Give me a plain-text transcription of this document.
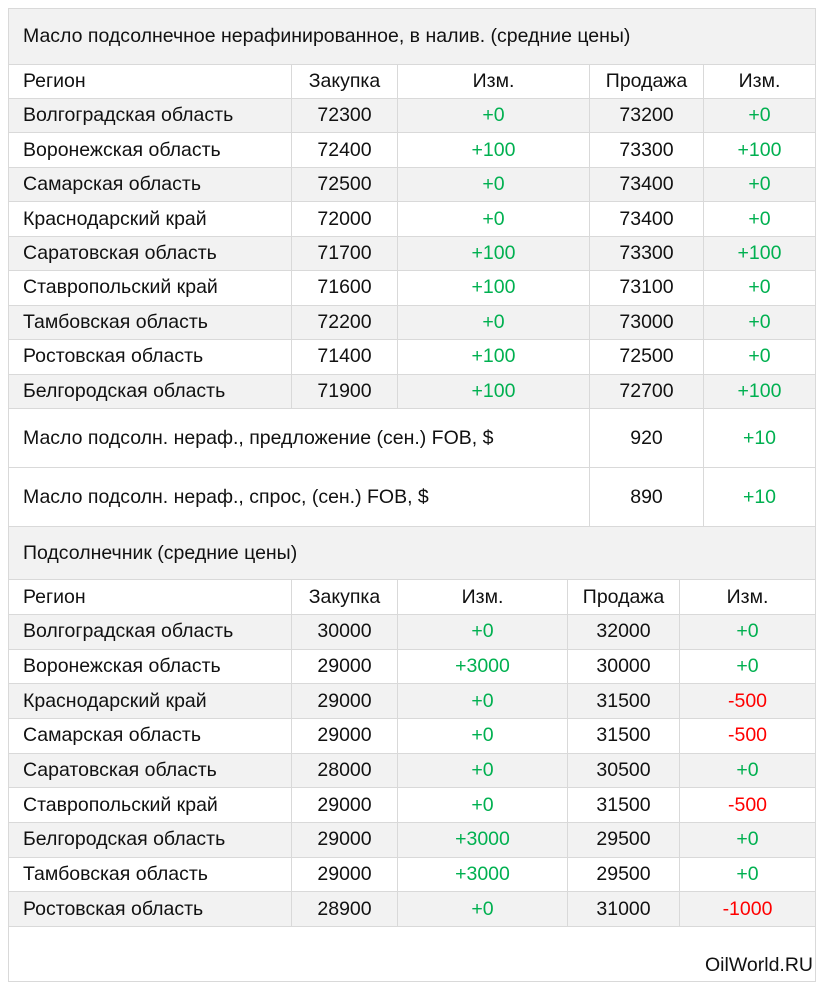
Масло подсолнечное нерафинированное, в налив. (средние цены)
Регион	Закупка	Изм.	Продажа	Изм.
Волгоградская область	72300	+0	73200	+0
Воронежская область	72400	+100	73300	+100
Самарская область	72500	+0	73400	+0
Краснодарский край	72000	+0	73400	+0
Саратовская область	71700	+100	73300	+100
Ставропольский край	71600	+100	73100	+0
Тамбовская область	72200	+0	73000	+0
Ростовская область	71400	+100	72500	+0
Белгородская область	71900	+100	72700	+100
Масло подсолн. нераф., предложение (сен.) FOB, $	920	+10
Масло подсолн. нераф., спрос, (сен.) FOB, $	890	+10
Подсолнечник (средние цены)
Регион	Закупка	Изм.	Продажа	Изм.
Волгоградская область	30000	+0	32000	+0
Воронежская область	29000	+3000	30000	+0
Краснодарский край	29000	+0	31500	-500
Самарская область	29000	+0	31500	-500
Саратовская область	28000	+0	30500	+0
Ставропольский край	29000	+0	31500	-500
Белгородская область	29000	+3000	29500	+0
Тамбовская область	29000	+3000	29500	+0
Ростовская область	28900	+0	31000	-1000
OilWorld.RU
